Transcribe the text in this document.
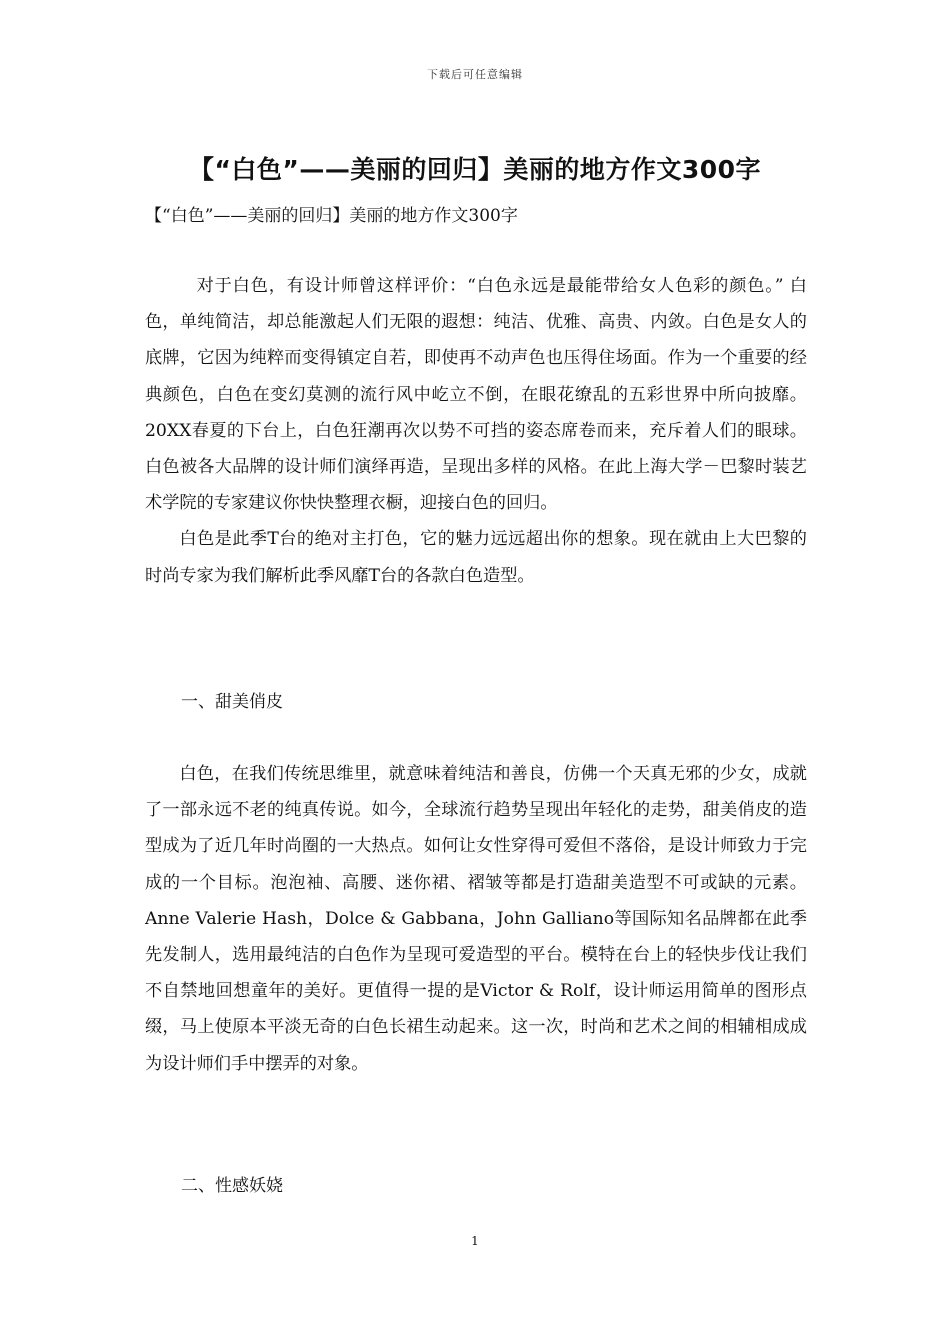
下载后可任意编辑
【“白色”——美丽的回归】美丽的地方作文300字
【“白色”——美丽的回归】美丽的地方作文300字

对于白色，有设计师曾这样评价：“白色永远是最能带给女人色彩的颜色。” 白色，单纯简洁，却总能激起人们无限的遐想：纯洁、优雅、高贵、内敛。白色是女人的底牌，它因为纯粹而变得镇定自若，即使再不动声色也压得住场面。作为一个重要的经典颜色，白色在变幻莫测的流行风中屹立不倒，在眼花缭乱的五彩世界中所向披靡。20XX春夏的下台上，白色狂潮再次以势不可挡的姿态席卷而来，充斥着人们的眼球。白色被各大品牌的设计师们演绎再造，呈现出多样的风格。在此上海大学－巴黎时装艺术学院的专家建议你快快整理衣橱，迎接白色的回归。

白色是此季T台的绝对主打色，它的魅力远远超出你的想象。现在就由上大巴黎的时尚专家为我们解析此季风靡T台的各款白色造型。

一、甜美俏皮

白色，在我们传统思维里，就意味着纯洁和善良，仿佛一个天真无邪的少女，成就了一部永远不老的纯真传说。如今，全球流行趋势呈现出年轻化的走势，甜美俏皮的造型成为了近几年时尚圈的一大热点。如何让女性穿得可爱但不落俗，是设计师致力于完成的一个目标。泡泡袖、高腰、迷你裙、褶皱等都是打造甜美造型不可或缺的元素。Anne Valerie Hash，Dolce & Gabbana，John Galliano等国际知名品牌都在此季先发制人，选用最纯洁的白色作为呈现可爱造型的平台。模特在台上的轻快步伐让我们不自禁地回想童年的美好。更值得一提的是Victor & Rolf，设计师运用简单的图形点缀，马上使原本平淡无奇的白色长裙生动起来。这一次，时尚和艺术之间的相辅相成成为设计师们手中摆弄的对象。

二、性感妖娆
1
